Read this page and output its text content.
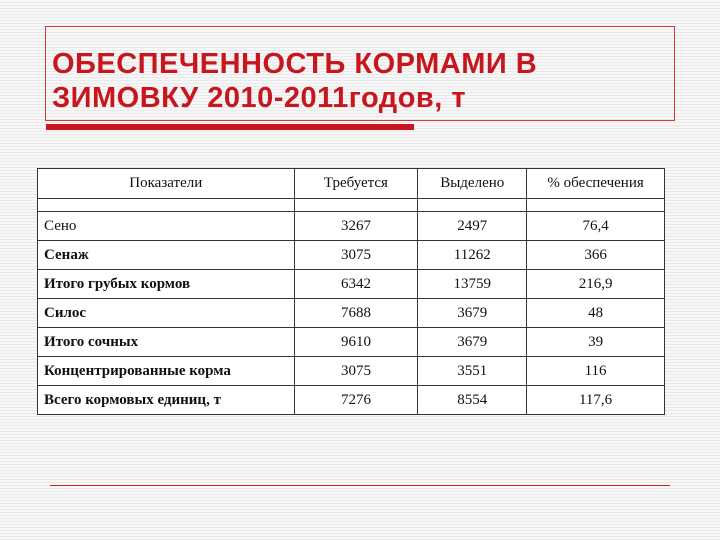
ОБЕСПЕЧЕННОСТЬ КОРМАМИ В ЗИМОВКУ 2010-2011годов, т
Показатели	Требуется	Выделено	% обеспечения

Сено	3267	2497	76,4
Сенаж	3075	11262	366
Итого грубых кормов	6342	13759	216,9
Силос	7688	3679	48
Итого сочных	9610	3679	39
Концентрированные корма	3075	3551	116
Всего кормовых единиц, т	7276	8554	117,6
